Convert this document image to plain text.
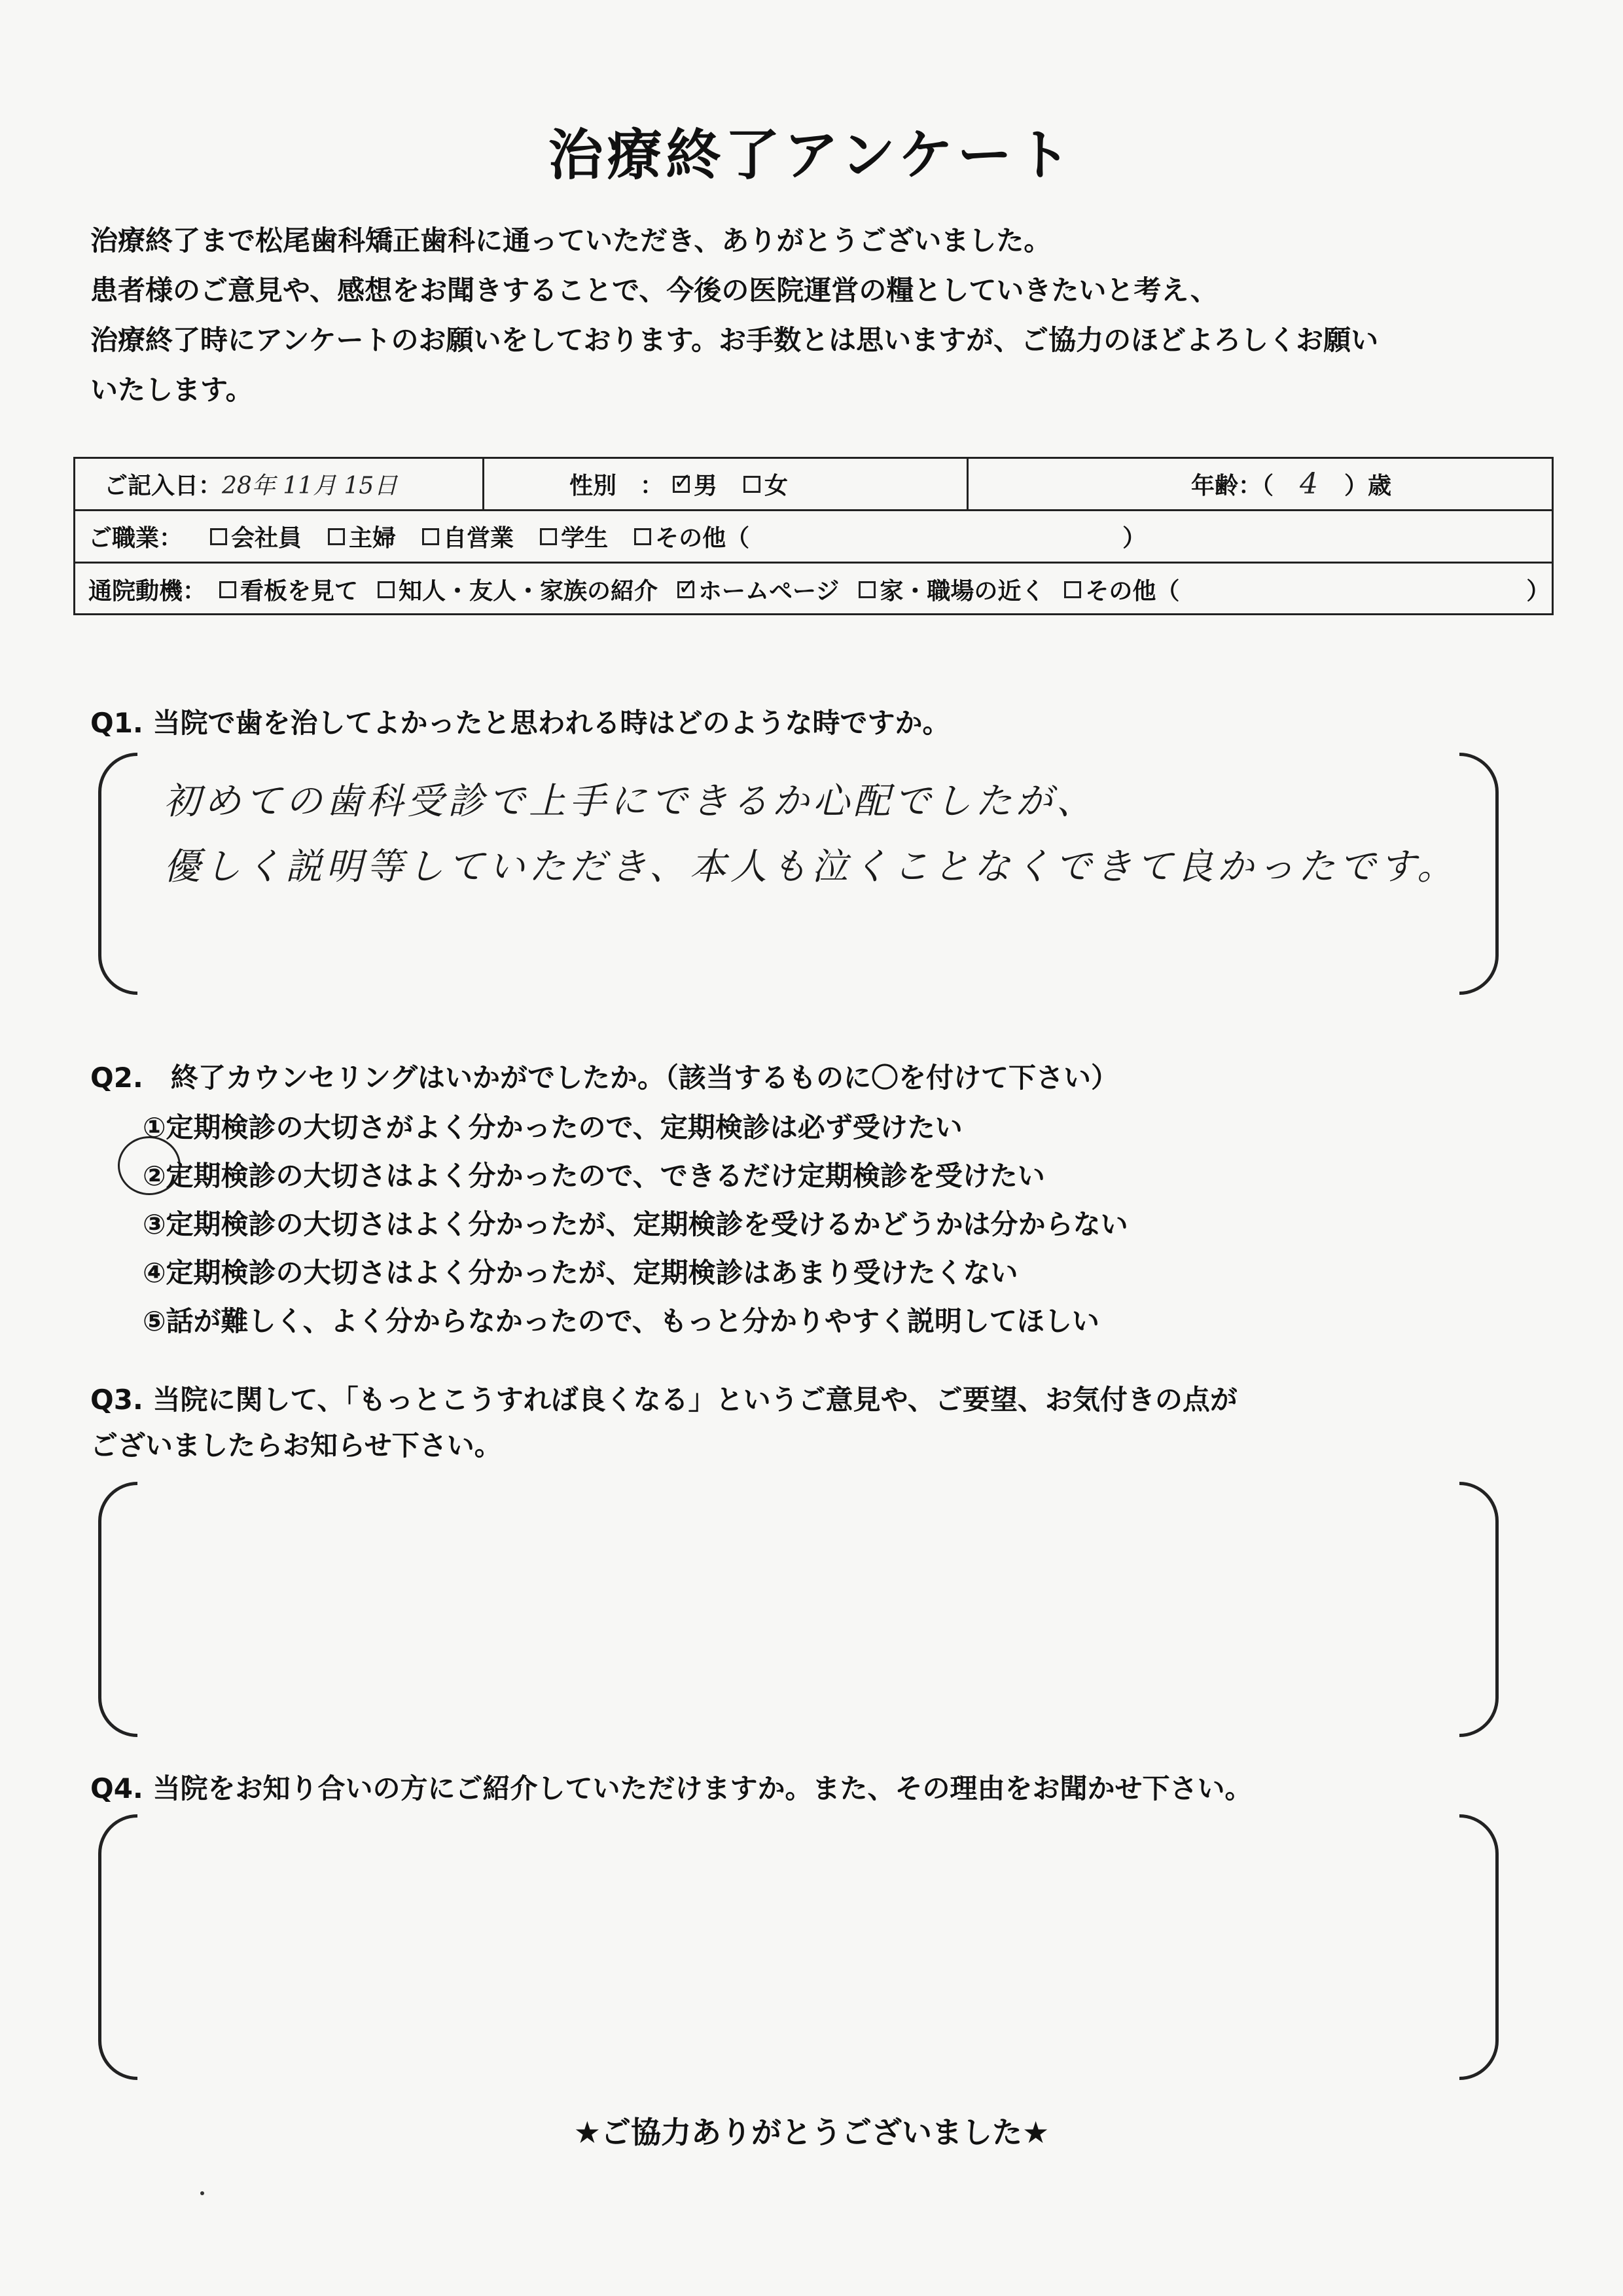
治療終了アンケート
治療終了まで松尾歯科矯正歯科に通っていただき、ありがとうございました。
患者様のご意見や、感想をお聞きすることで、今後の医院運営の糧としていきたいと考え、
治療終了時にアンケートのお願いをしております。お手数とは思いますが、ご協力のほどよろしくお願い
いたします。
ご記入日： 28年 11月 15日	性別　： ✓ 男 女	年齢：（ 4 ）歳
ご職業： 会社員 主婦 自営業 学生 その他（	）
通院動機： 看板を見て 知人・友人・家族の紹介 ✓ ホームページ 家・職場の近く その他（	）
Q1. 当院で歯を治してよかったと思われる時はどのような時ですか。
初めての歯科受診で上手にできるか心配でしたが、
優しく説明等していただき、本人も泣くことなくできて良かったです。
Q2.　終了カウンセリングはいかがでしたか。（該当するものに〇を付けて下さい）
①定期検診の大切さがよく分かったので、定期検診は必ず受けたい
②定期検診の大切さはよく分かったので、できるだけ定期検診を受けたい
③定期検診の大切さはよく分かったが、定期検診を受けるかどうかは分からない
④定期検診の大切さはよく分かったが、定期検診はあまり受けたくない
⑤話が難しく、よく分からなかったので、もっと分かりやすく説明してほしい
Q3. 当院に関して、「もっとこうすれば良くなる」というご意見や、ご要望、お気付きの点が
ございましたらお知らせ下さい。
Q4. 当院をお知り合いの方にご紹介していただけますか。また、その理由をお聞かせ下さい。
★ご協力ありがとうございました★
